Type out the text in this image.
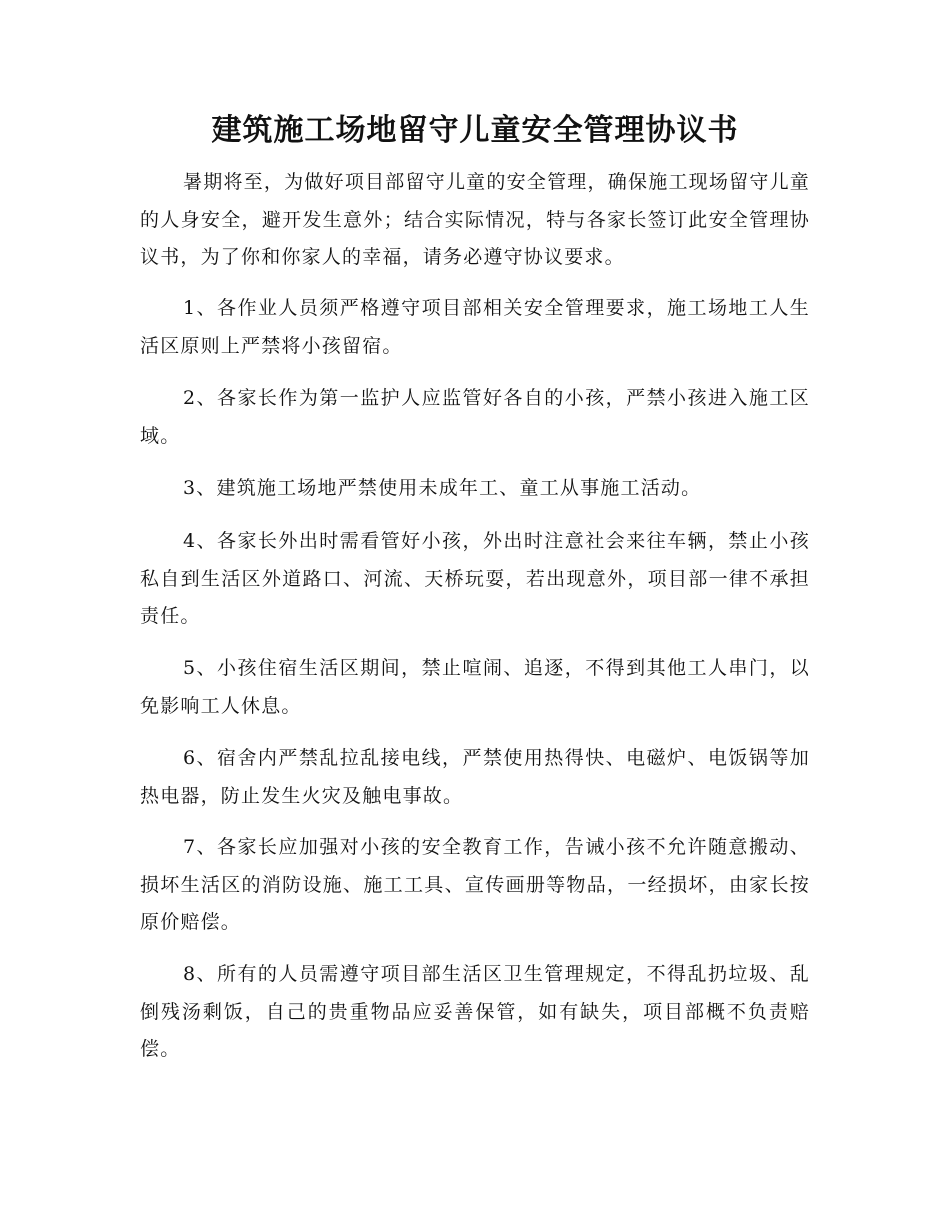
建筑施工场地留守儿童安全管理协议书

暑期将至，为做好项目部留守儿童的安全管理，确保施工现场留守儿童的人身安全，避开发生意外；结合实际情况，特与各家长签订此安全管理协议书，为了你和你家人的幸福，请务必遵守协议要求。

1、各作业人员须严格遵守项目部相关安全管理要求，施工场地工人生活区原则上严禁将小孩留宿。

2、各家长作为第一监护人应监管好各自的小孩，严禁小孩进入施工区域。

3、建筑施工场地严禁使用未成年工、童工从事施工活动。

4、各家长外出时需看管好小孩，外出时注意社会来往车辆，禁止小孩私自到生活区外道路口、河流、天桥玩耍，若出现意外，项目部一律不承担责任。

5、小孩住宿生活区期间，禁止喧闹、追逐，不得到其他工人串门，以免影响工人休息。

6、宿舍内严禁乱拉乱接电线，严禁使用热得快、电磁炉、电饭锅等加热电器，防止发生火灾及触电事故。

7、各家长应加强对小孩的安全教育工作，告诫小孩不允许随意搬动、损坏生活区的消防设施、施工工具、宣传画册等物品，一经损坏，由家长按原价赔偿。

8、所有的人员需遵守项目部生活区卫生管理规定，不得乱扔垃圾、乱倒残汤剩饭，自己的贵重物品应妥善保管，如有缺失，项目部概不负责赔偿。
